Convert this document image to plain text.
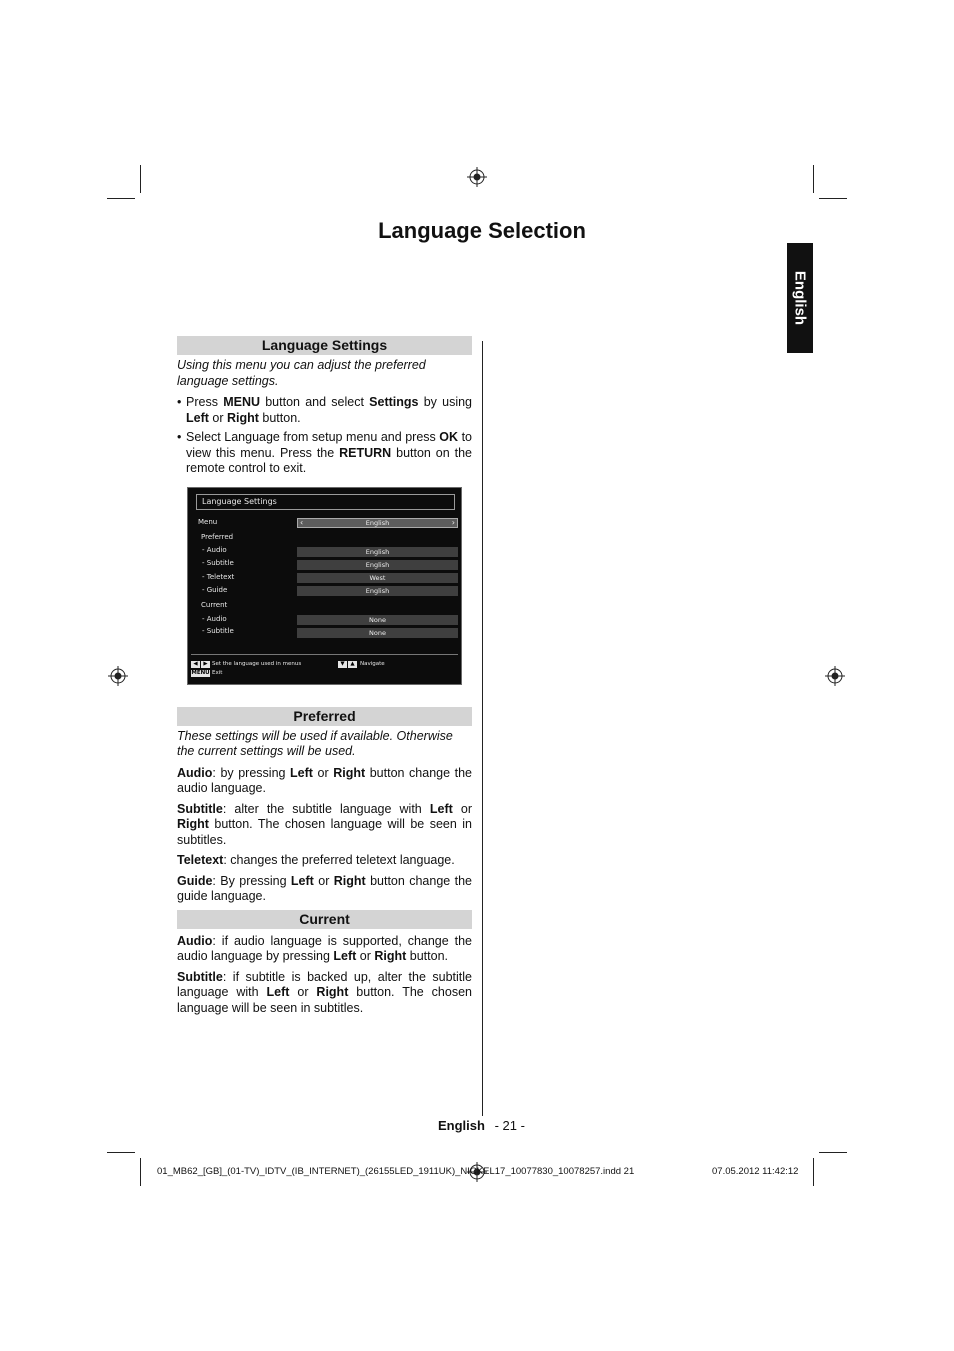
Language Selection
English
Language Settings

Using this menu you can adjust the preferred language settings.

• Press MENU button and select Settings by using Left or Right button.
• Select Language from setup menu and press OK to view this menu. Press the RETURN button on the remote control to exit.
Preferred

These settings will be used if available. Otherwise the current settings will be used.

Audio: by pressing Left or Right button change the audio language.

Subtitle: alter the subtitle language with Left or Right button. The chosen language will be seen in subtitles.

Teletext: changes the preferred teletext language.

Guide: By pressing Left or Right button change the guide language.

Current

Audio: if audio language is supported, change the audio language by pressing Left or Right button.

Subtitle: if subtitle is backed up, alter the subtitle language with Left or Right button. The chosen language will be seen in subtitles.

Language Settings
Menu	‹	English	›
Preferred
- Audio	English
- Subtitle	English
- Teletext	West
- Guide	English
Current
- Audio	None
- Subtitle	None
◀	▶ Set the language used in menus
MENU Exit
▼	▲ Navigate
English - 21 -
01_MB62_[GB]_(01-TV)_IDTV_(IB_INTERNET)_(26155LED_1911UK)_NICKEL17_10077830_10078257.indd 21	07.05.2012 11:42:12
